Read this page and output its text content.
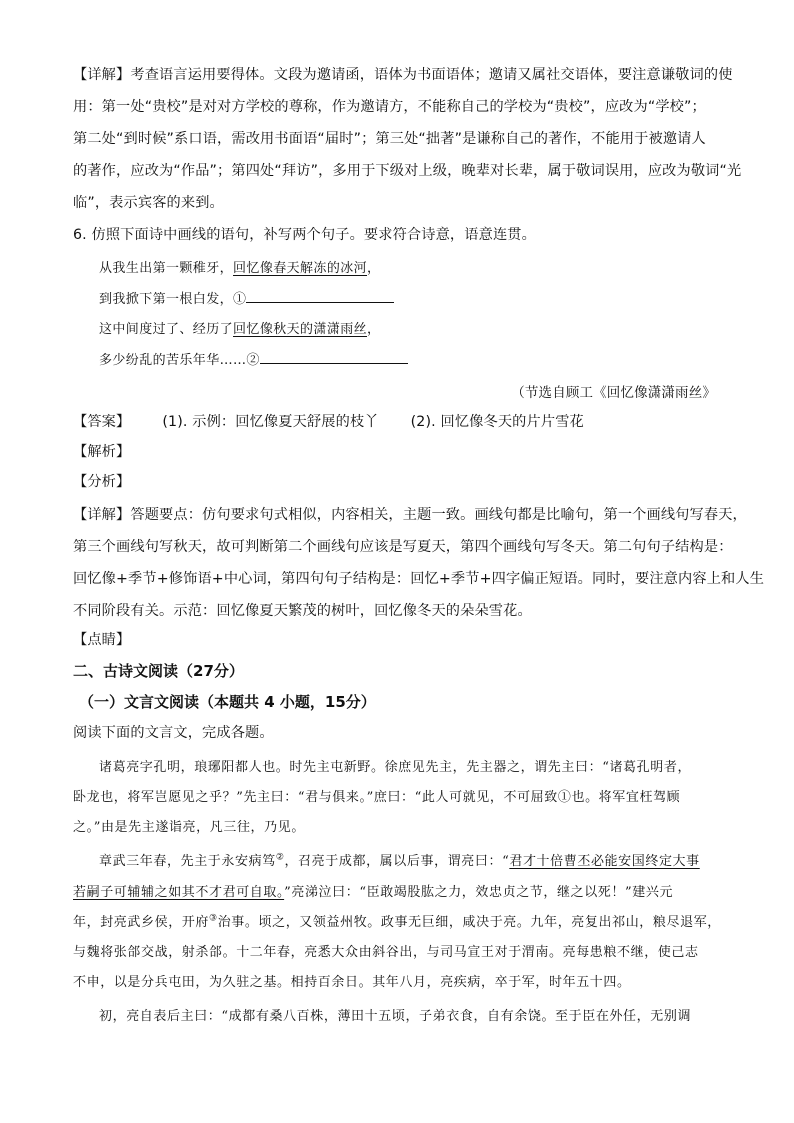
【详解】考查语言运用要得体。文段为邀请函，语体为书面语体；邀请又属社交语体，要注意谦敬词的使
用：第一处“贵校”是对对方学校的尊称，作为邀请方，不能称自己的学校为“贵校”，应改为“学校”；
第二处“到时候”系口语，需改用书面语“届时”；第三处“拙著”是谦称自己的著作，不能用于被邀请人
的著作，应改为“作品”；第四处“拜访”，多用于下级对上级，晚辈对长辈，属于敬词误用，应改为敬词“光
临”，表示宾客的来到。
6. 仿照下面诗中画线的语句，补写两个句子。要求符合诗意，语意连贯。
从我生出第一颗稚牙，回忆像春天解冻的冰河，
到我掀下第一根白发，①
这中间度过了、经历了回忆像秋天的潇潇雨丝，
多少纷乱的苦乐年华……②
（节选自顾工《回忆像潇潇雨丝》
【答案】 (1). 示例：回忆像夏天舒展的枝丫 (2). 回忆像冬天的片片雪花
【解析】
【分析】
【详解】答题要点：仿句要求句式相似，内容相关，主题一致。画线句都是比喻句，第一个画线句写春天，
第三个画线句写秋天，故可判断第二个画线句应该是写夏天，第四个画线句写冬天。第二句句子结构是：
回忆像+季节+修饰语+中心词，第四句句子结构是：回忆+季节+四字偏正短语。同时，要注意内容上和人生
不同阶段有关。示范：回忆像夏天繁茂的树叶，回忆像冬天的朵朵雪花。
【点睛】
二、古诗文阅读（27分）
（一）文言文阅读（本题共 4 小题，15分）
阅读下面的文言文，完成各题。
诸葛亮字孔明，琅琊阳都人也。时先主屯新野。徐庶见先主，先主器之，谓先主曰：“诸葛孔明者，
卧龙也，将军岂愿见之乎？”先主曰：“君与俱来。”庶曰：“此人可就见，不可屈致①也。将军宜枉驾顾
之。”由是先主遂诣亮，凡三往，乃见。
章武三年春，先主于永安病笃②，召亮于成都，属以后事，谓亮曰：“君才十倍曹丕必能安国终定大事
若嗣子可辅辅之如其不才君可自取。”亮涕泣曰：“臣敢竭股肱之力，效忠贞之节，继之以死！”建兴元
年，封亮武乡侯，开府③治事。顷之，又领益州牧。政事无巨细，咸决于亮。九年，亮复出祁山，粮尽退军，
与魏将张郃交战，射杀郃。十二年春，亮悉大众由斜谷出，与司马宣王对于渭南。亮每患粮不继，使己志
不申，以是分兵屯田，为久驻之基。相持百余日。其年八月，亮疾病，卒于军，时年五十四。
初，亮自表后主曰：“成都有桑八百株，薄田十五顷，子弟衣食，自有余饶。至于臣在外任，无别调
